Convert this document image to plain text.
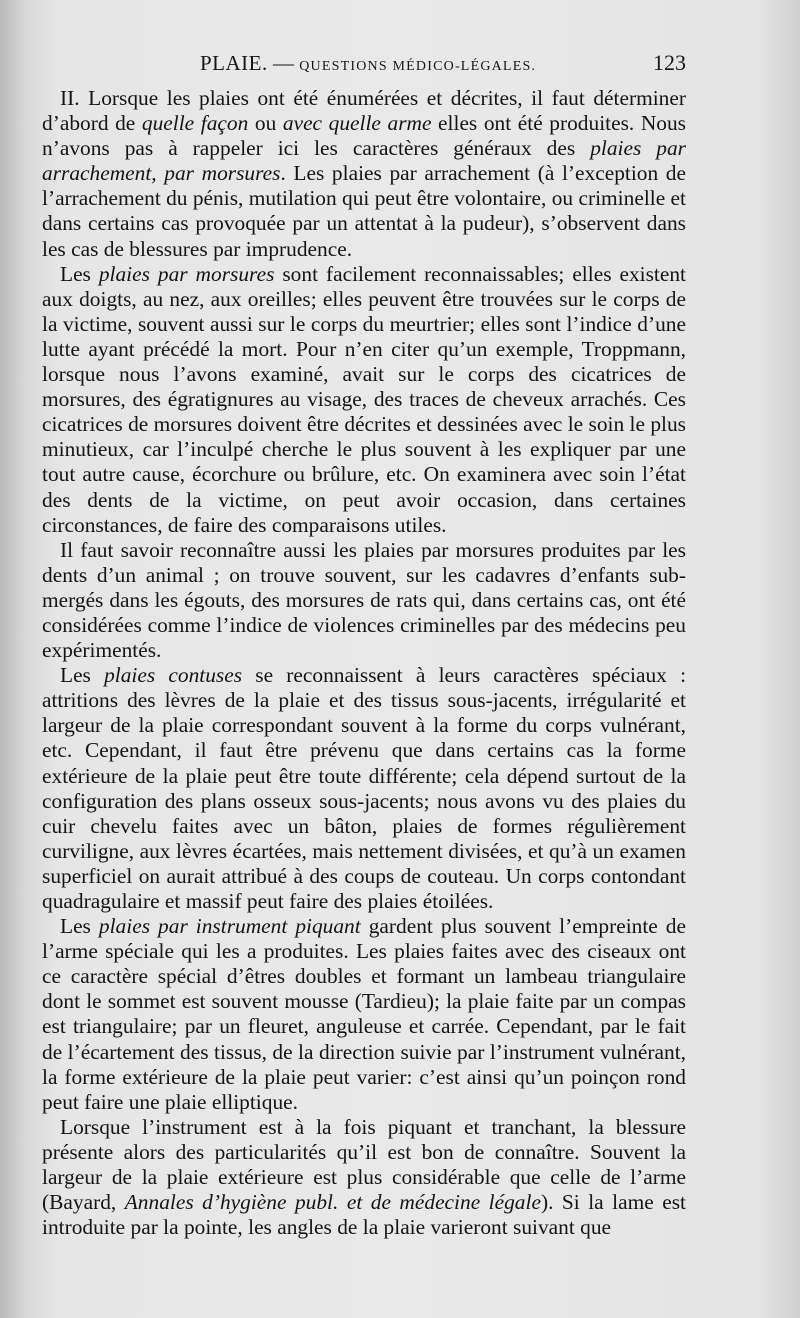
PLAIE. — QUESTIONS MÉDICO-LÉGALES.	123

II. Lorsque les plaies ont été énumérées et décrites, il faut déterminer d’abord de quelle façon ou avec quelle arme elles ont été produites. Nous n’avons pas à rappeler ici les caractères généraux des plaies par arrachement, par morsures. Les plaies par arrachement (à l’exception de l’arrachement du pénis, mutilation qui peut être volontaire, ou criminelle et dans certains cas provoquée par un attentat à la pudeur), s’observent dans les cas de blessures par imprudence.

Les plaies par morsures sont facilement reconnaissables; elles existent aux doigts, au nez, aux oreilles; elles peuvent être trouvées sur le corps de la victime, souvent aussi sur le corps du meurtrier; elles sont l’indice d’une lutte ayant précédé la mort. Pour n’en citer qu’un exemple, Troppmann, lorsque nous l’avons examiné, avait sur le corps des cicatrices de morsures, des égratignures au visage, des traces de cheveux arrachés. Ces cicatrices de morsures doivent être décrites et dessinées avec le soin le plus minutieux, car l’inculpé cherche le plus souvent à les expliquer par une tout autre cause, écorchure ou brûlure, etc. On examinera avec soin l’état des dents de la victime, on peut avoir occasion, dans certaines circonstances, de faire des comparaisons utiles.

Il faut savoir reconnaître aussi les plaies par morsures produites par les dents d’un animal ; on trouve souvent, sur les cadavres d’enfants submergés dans les égouts, des morsures de rats qui, dans certains cas, ont été considérées comme l’indice de violences criminelles par des médecins peu expérimentés.

Les plaies contuses se reconnaissent à leurs caractères spéciaux : attritions des lèvres de la plaie et des tissus sous-jacents, irrégularité et largeur de la plaie correspondant souvent à la forme du corps vulnérant, etc. Cependant, il faut être prévenu que dans certains cas la forme extérieure de la plaie peut être toute différente; cela dépend surtout de la configuration des plans osseux sous-jacents; nous avons vu des plaies du cuir chevelu faites avec un bâton, plaies de formes régulièrement curviligne, aux lèvres écartées, mais nettement divisées, et qu’à un examen superficiel on aurait attribué à des coups de couteau. Un corps contondant quadragulaire et massif peut faire des plaies étoilées.

Les plaies par instrument piquant gardent plus souvent l’empreinte de l’arme spéciale qui les a produites. Les plaies faites avec des ciseaux ont ce caractère spécial d’êtres doubles et formant un lambeau triangulaire dont le sommet est souvent mousse (Tardieu); la plaie faite par un compas est triangulaire; par un fleuret, anguleuse et carrée. Cependant, par le fait de l’écartement des tissus, de la direction suivie par l’instrument vulnérant, la forme extérieure de la plaie peut varier: c’est ainsi qu’un poinçon rond peut faire une plaie elliptique.

Lorsque l’instrument est à la fois piquant et tranchant, la blessure présente alors des particularités qu’il est bon de connaître. Souvent la largeur de la plaie extérieure est plus considérable que celle de l’arme (Bayard, Annales d’hygiène publ. et de médecine légale). Si la lame est introduite par la pointe, les angles de la plaie varieront suivant que
